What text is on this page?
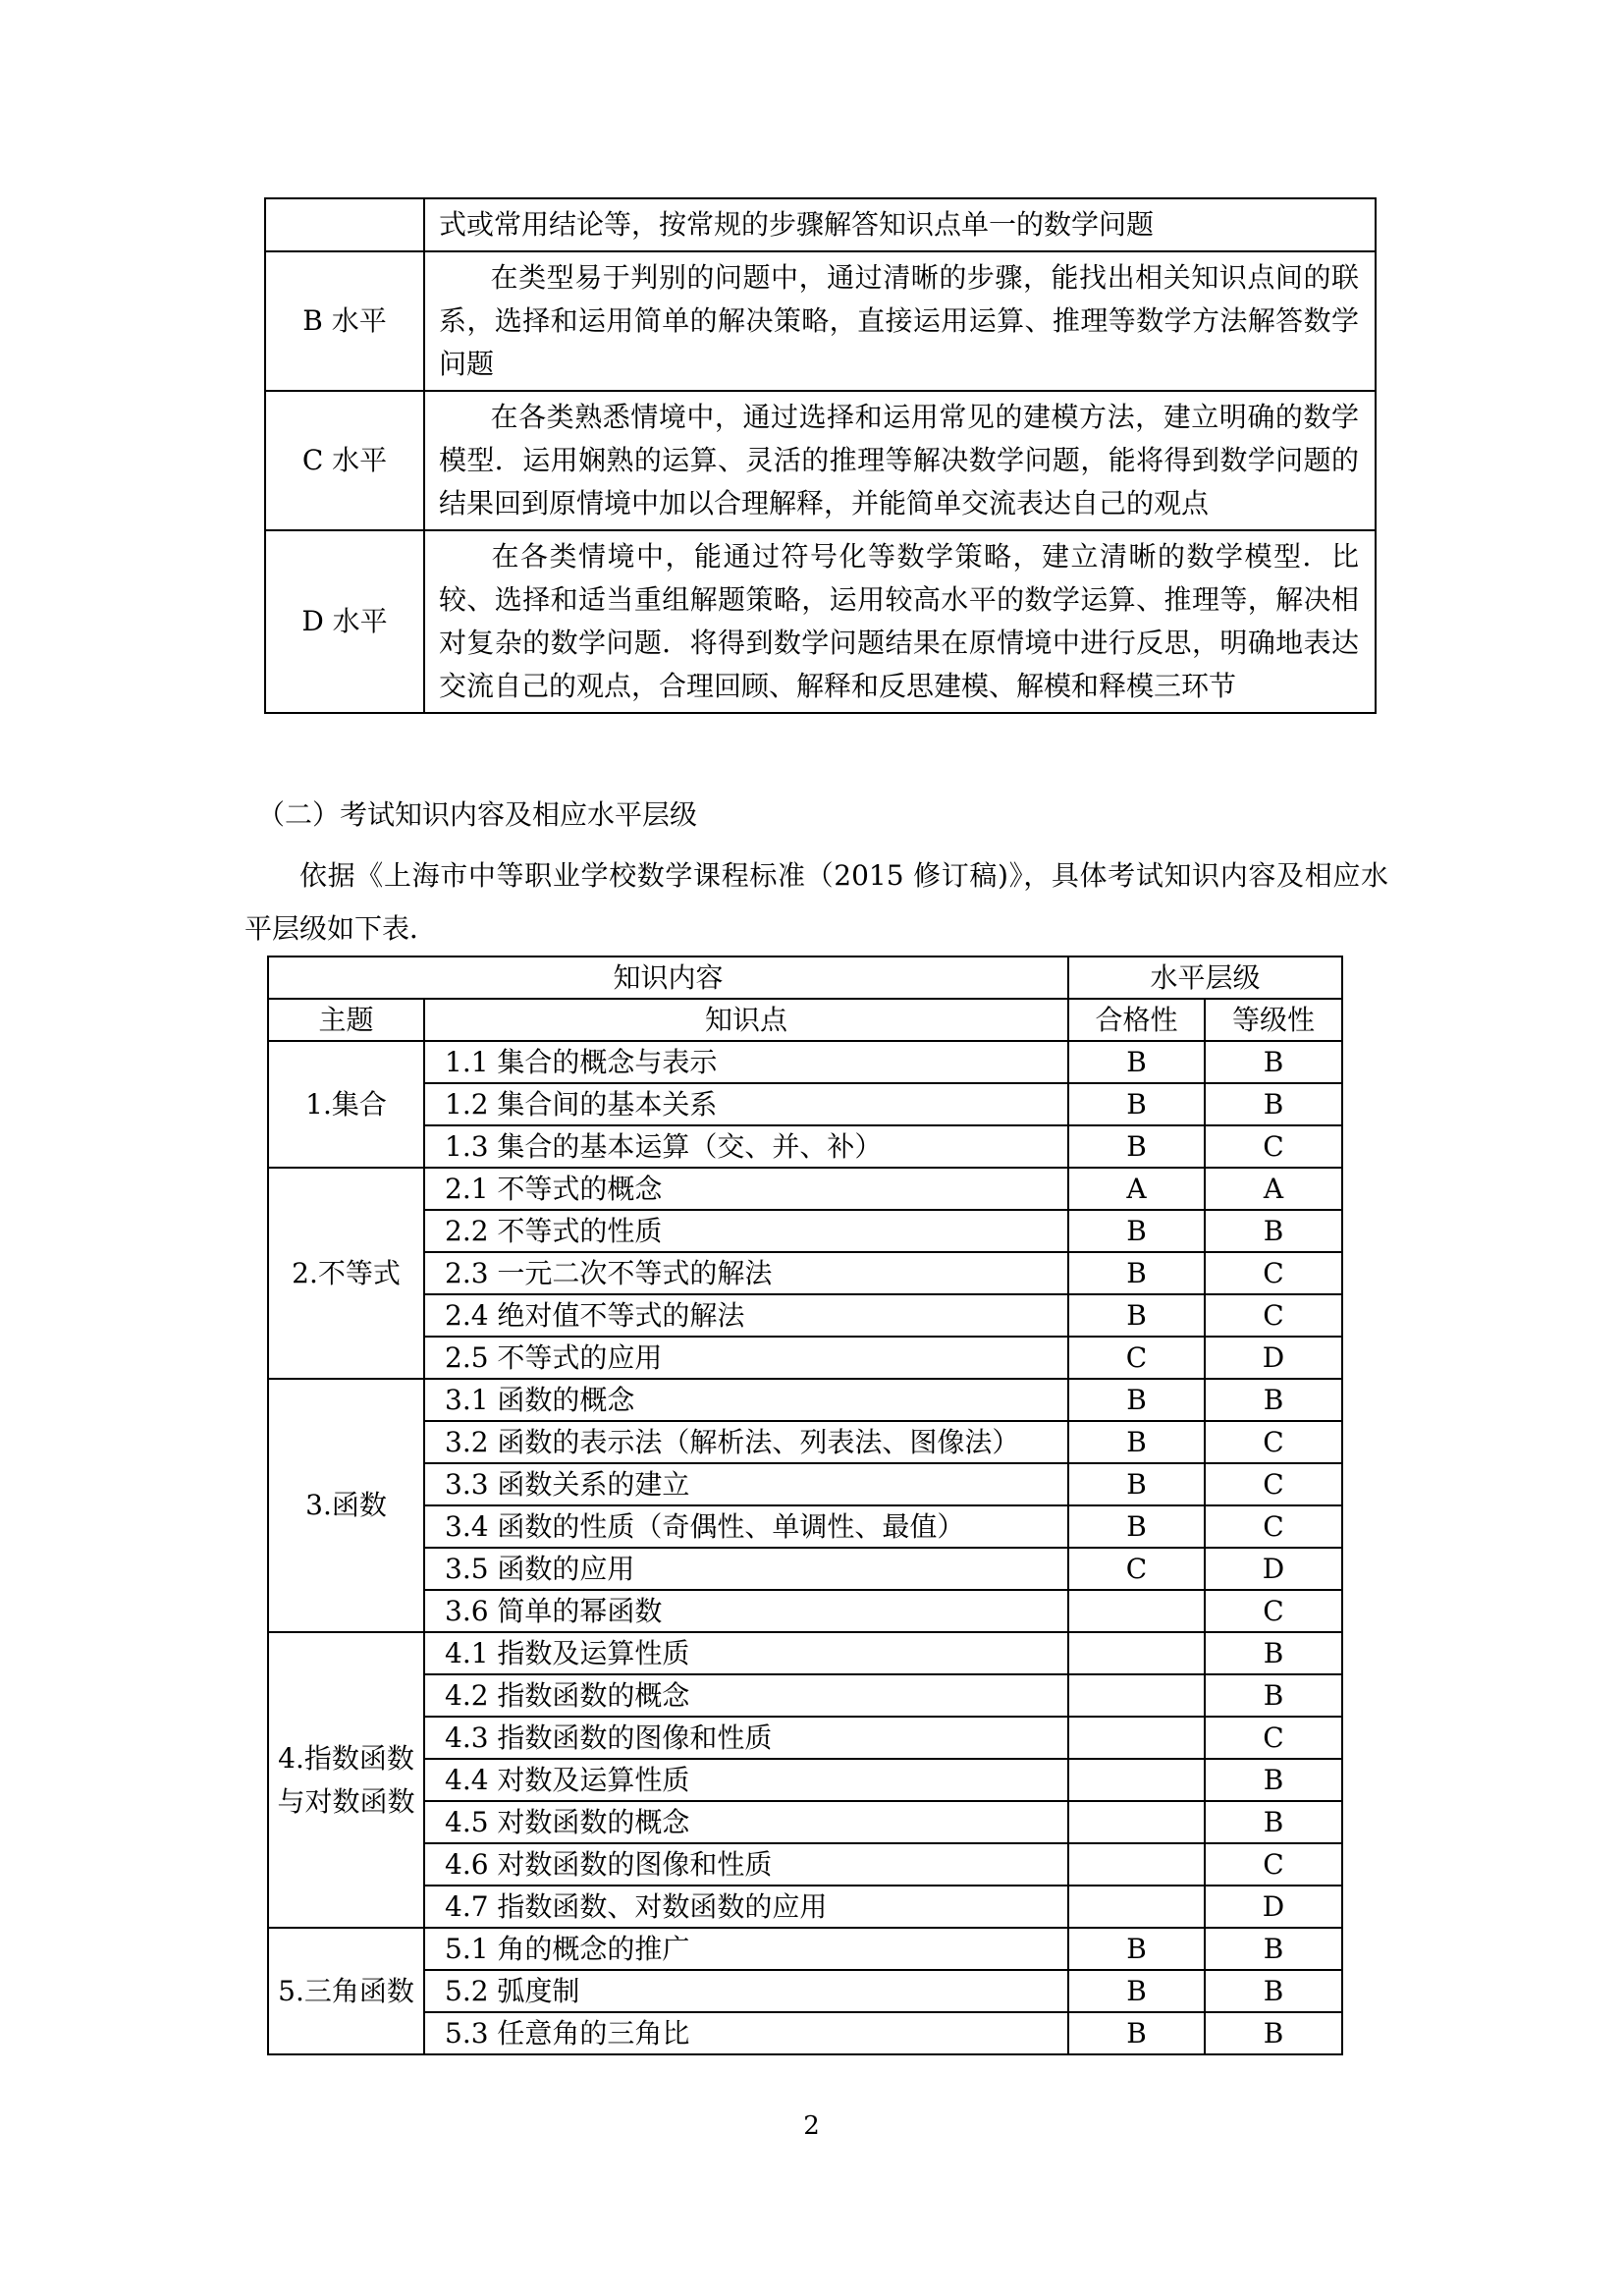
	式或常用结论等，按常规的步骤解答知识点单一的数学问题
B 水平	在类型易于判别的问题中，通过清晰的步骤，能找出相关知识点间的联系，选择和运用简单的解决策略，直接运用运算、推理等数学方法解答数学问题
C 水平	在各类熟悉情境中，通过选择和运用常见的建模方法，建立明确的数学模型．运用娴熟的运算、灵活的推理等解决数学问题，能将得到数学问题的结果回到原情境中加以合理解释，并能简单交流表达自己的观点
D 水平	在各类情境中，能通过符号化等数学策略，建立清晰的数学模型．比较、选择和适当重组解题策略，运用较高水平的数学运算、推理等，解决相对复杂的数学问题．将得到数学问题结果在原情境中进行反思，明确地表达交流自己的观点，合理回顾、解释和反思建模、解模和释模三环节
（二）考试知识内容及相应水平层级
依据《上海市中等职业学校数学课程标准（2015 修订稿)》，具体考试知识内容及相应水平层级如下表．
知识内容		水平层级	
主题	知识点	合格性	等级性
1.集合	1.1 集合的概念与表示	B	B
	1.2 集合间的基本关系	B	B
	1.3 集合的基本运算（交、并、补）	B	C
2.不等式	2.1 不等式的概念	A	A
	2.2 不等式的性质	B	B
	2.3 一元二次不等式的解法	B	C
	2.4 绝对值不等式的解法	B	C
	2.5 不等式的应用	C	D
3.函数	3.1 函数的概念	B	B
	3.2 函数的表示法（解析法、列表法、图像法）	B	C
	3.3 函数关系的建立	B	C
	3.4 函数的性质（奇偶性、单调性、最值）	B	C
	3.5 函数的应用	C	D
	3.6 简单的幂函数		C
4.指数函数与对数函数	4.1 指数及运算性质		B
	4.2 指数函数的概念		B
	4.3 指数函数的图像和性质		C
	4.4 对数及运算性质		B
	4.5 对数函数的概念		B
	4.6 对数函数的图像和性质		C
	4.7 指数函数、对数函数的应用		D
5.三角函数	5.1 角的概念的推广	B	B
	5.2 弧度制	B	B
	5.3 任意角的三角比	B	B
2
